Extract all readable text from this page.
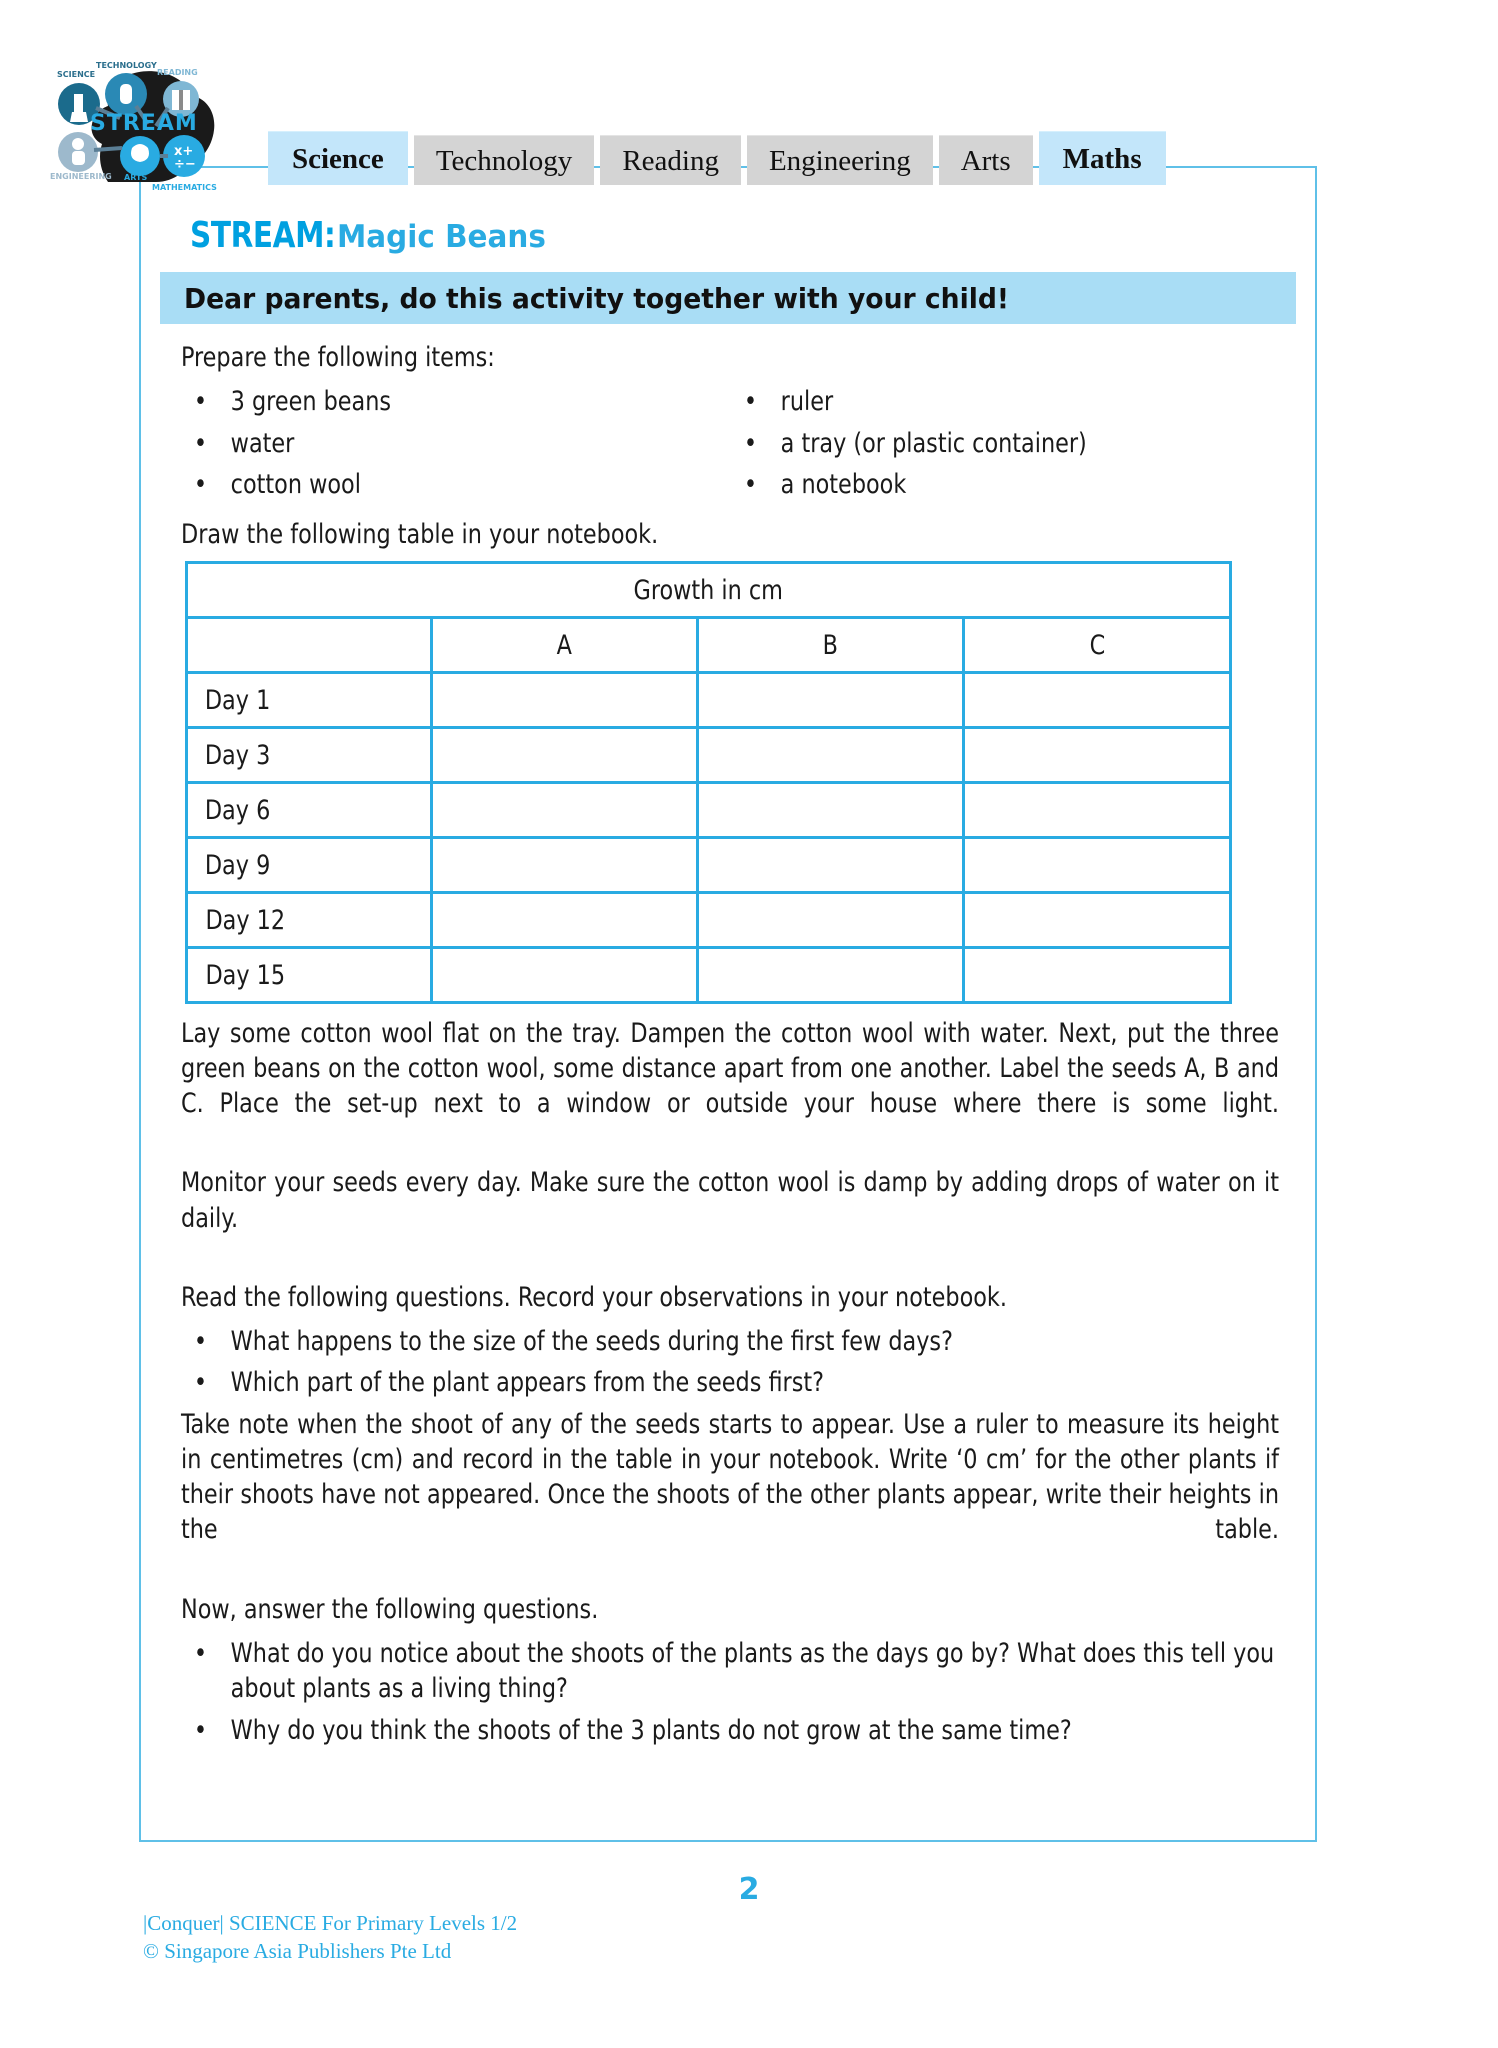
Science	Technology	Reading	Engineering	Arts	Maths
x+
÷−
STREAM
SCIENCE
TECHNOLOGY
READING
ENGINEERING ARTS
MATHEMATICS
STREAM:Magic Beans
Dear parents, do this activity together with your child!

Prepare the following items:

• 3 green beans
• water
• cotton wool
• ruler
• a tray (or plastic container)
• a notebook

Draw the following table in your notebook.

Growth in cm			
	A	B	C
Day 1			
Day 3			
Day 6			
Day 9			
Day 12			
Day 15			

Lay some cotton wool flat on the tray. Dampen the cotton wool with water. Next, put the three green beans on the cotton wool, some distance apart from one another. Label the seeds A, B and C. Place the set-up next to a window or outside your house where there is some light.

Monitor your seeds every day. Make sure the cotton wool is damp by adding drops of water on it daily.

Read the following questions. Record your observations in your notebook.

• What happens to the size of the seeds during the first few days?
• Which part of the plant appears from the seeds first?

Take note when the shoot of any of the seeds starts to appear. Use a ruler to measure its height in centimetres (cm) and record in the table in your notebook. Write ‘0 cm’ for the other plants if their shoots have not appeared. Once the shoots of the other plants appear, write their heights in the table.

Now, answer the following questions.

• What do you notice about the shoots of the plants as the days go by? What does this tell you about plants as a living thing?
• Why do you think the shoots of the 3 plants do not grow at the same time?
2
|Conquer| SCIENCE For Primary Levels 1/2
© Singapore Asia Publishers Pte Ltd
